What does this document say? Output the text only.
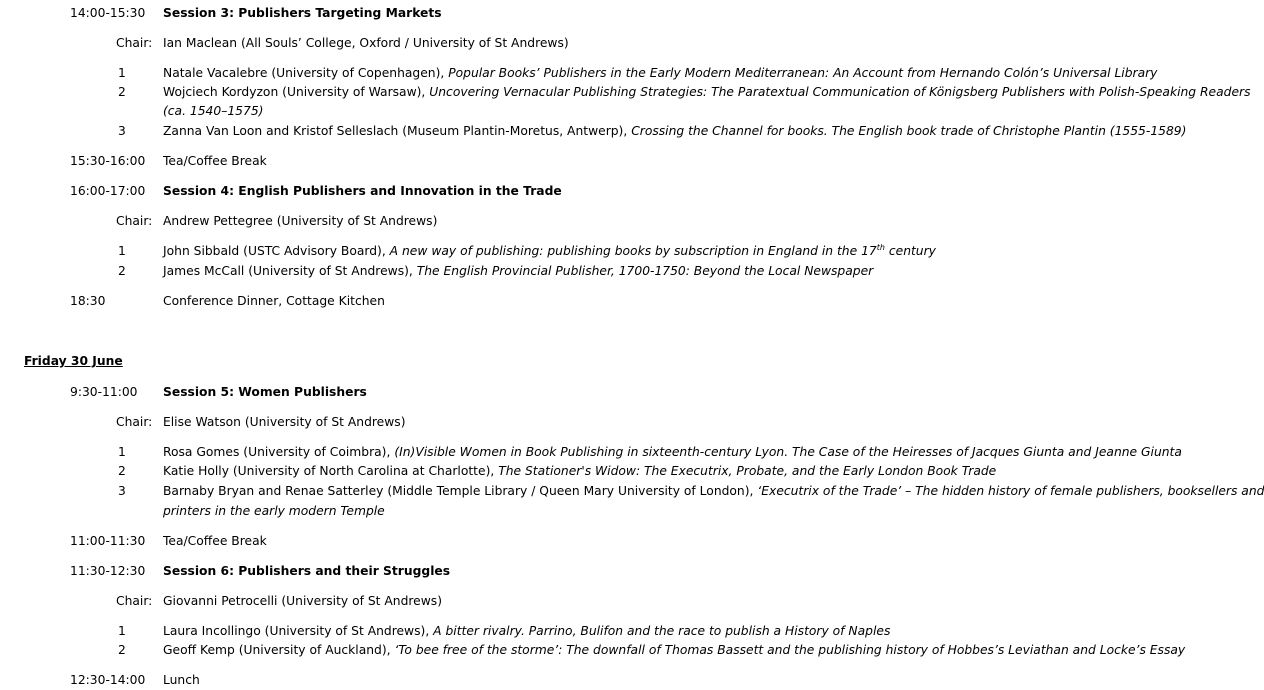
14:00-15:30 Session 3: Publishers Targeting Markets
Chair: Ian Maclean (All Souls’ College, Oxford / University of St Andrews)
1	Natale Vacalebre (University of Copenhagen), Popular Books’ Publishers in the Early Modern Mediterranean: An Account from Hernando Colón’s Universal Library
2	Wojciech Kordyzon (University of Warsaw), Uncovering Vernacular Publishing Strategies: The Paratextual Communication of Königsberg Publishers with Polish-Speaking Readers
(ca. 1540–1575)
3	Zanna Van Loon and Kristof Selleslach (Museum Plantin-Moretus, Antwerp), Crossing the Channel for books. The English book trade of Christophe Plantin (1555-1589)
15:30-16:00 Tea/Coffee Break
16:00-17:00 Session 4: English Publishers and Innovation in the Trade
Chair: Andrew Pettegree (University of St Andrews)
1	John Sibbald (USTC Advisory Board), A new way of publishing: publishing books by subscription in England in the 17th century
2	James McCall (University of St Andrews), The English Provincial Publisher, 1700-1750: Beyond the Local Newspaper
18:30	Conference Dinner, Cottage Kitchen
Friday 30 June
9:30-11:00 Session 5: Women Publishers
Chair: Elise Watson (University of St Andrews)
1	Rosa Gomes (University of Coimbra), (In)Visible Women in Book Publishing in sixteenth-century Lyon. The Case of the Heiresses of Jacques Giunta and Jeanne Giunta
2	Katie Holly (University of North Carolina at Charlotte), The Stationer's Widow: The Executrix, Probate, and the Early London Book Trade
3	Barnaby Bryan and Renae Satterley (Middle Temple Library / Queen Mary University of London), ‘Executrix of the Trade’ – The hidden history of female publishers, booksellers and
printers in the early modern Temple
11:00-11:30 Tea/Coffee Break
11:30-12:30 Session 6: Publishers and their Struggles
Chair: Giovanni Petrocelli (University of St Andrews)
1	Laura Incollingo (University of St Andrews), A bitter rivalry. Parrino, Bulifon and the race to publish a History of Naples
2	Geoff Kemp (University of Auckland), ‘To bee free of the storme’: The downfall of Thomas Bassett and the publishing history of Hobbes’s Leviathan and Locke’s Essay
12:30-14:00 Lunch
